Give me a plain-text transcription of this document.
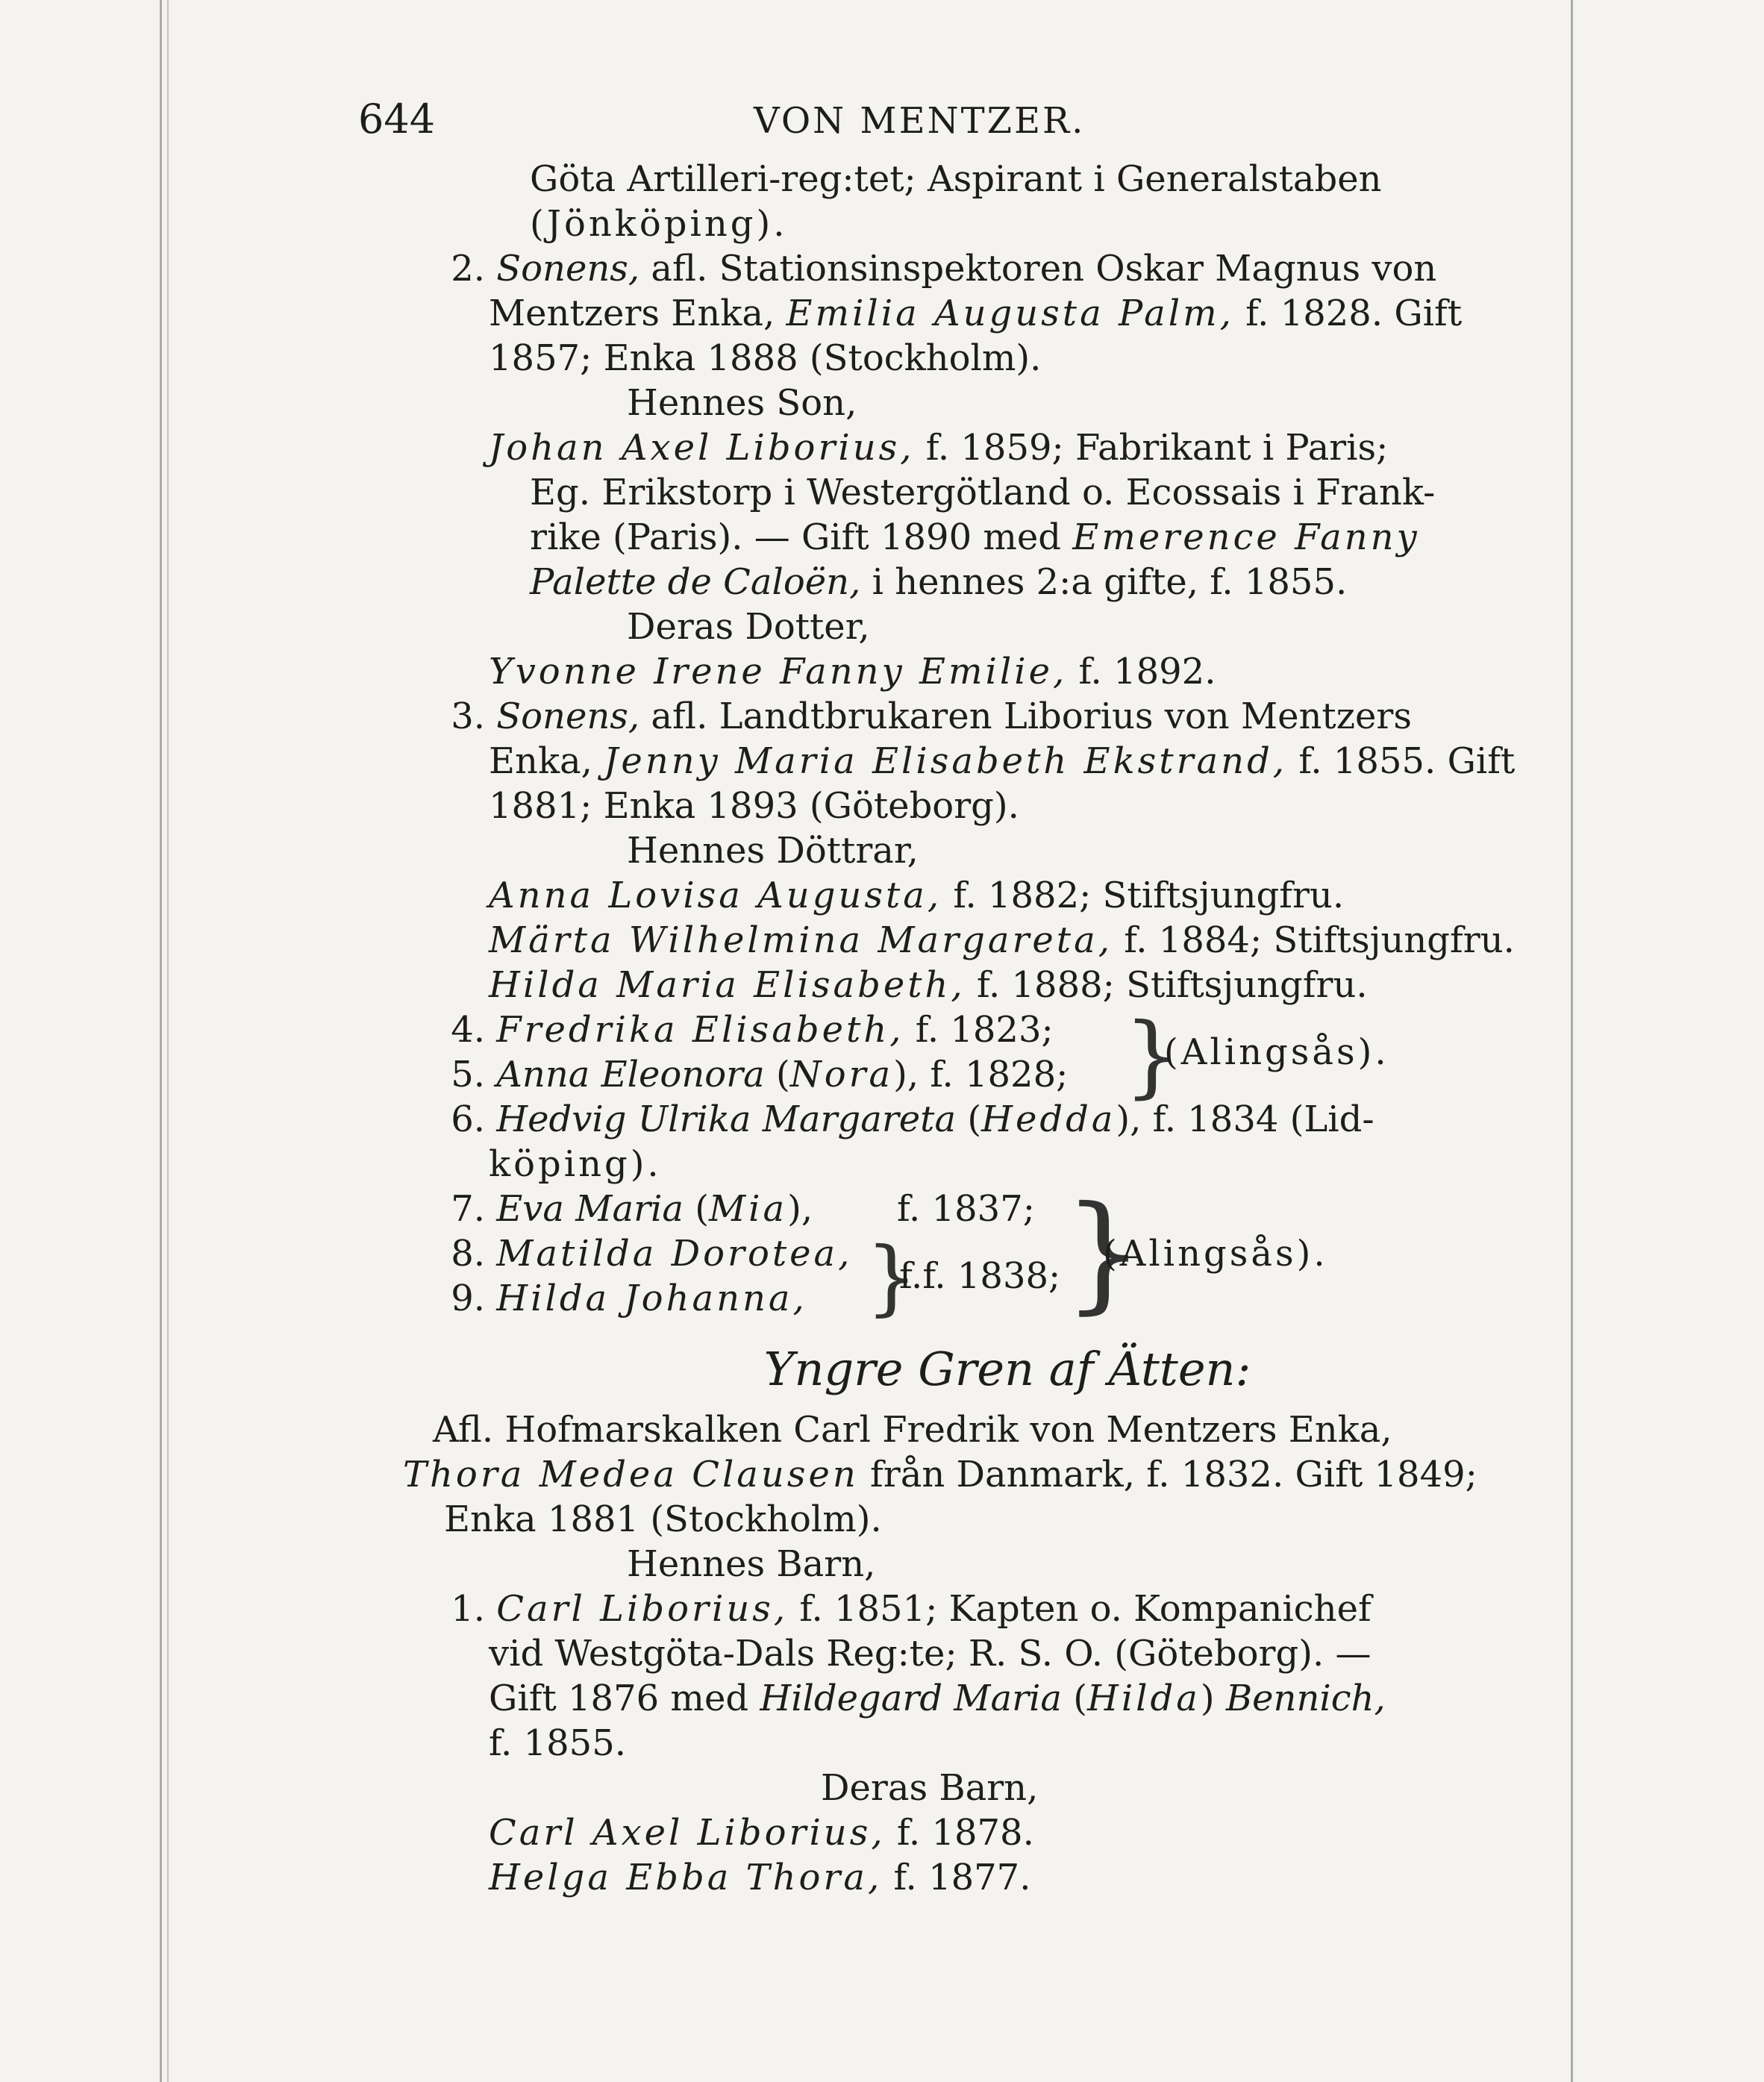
644	VON MENTZER.
Göta Artilleri-reg:tet; Aspirant i Generalstaben
(Jönköping).
2. Sonens, afl. Stationsinspektoren Oskar Magnus von
Mentzers Enka, Emilia Augusta Palm, f. 1828. Gift
1857; Enka 1888 (Stockholm).
Hennes Son,
Johan Axel Liborius, f. 1859; Fabrikant i Paris;
Eg. Erikstorp i Westergötland o. Ecossais i Frank-
rike (Paris). — Gift 1890 med Emerence Fanny
Palette de Caloën, i hennes 2:a gifte, f. 1855.
Deras Dotter,
Yvonne Irene Fanny Emilie, f. 1892.
3. Sonens, afl. Landtbrukaren Liborius von Mentzers
Enka, Jenny Maria Elisabeth Ekstrand, f. 1855. Gift
1881; Enka 1893 (Göteborg).
Hennes Döttrar,
Anna Lovisa Augusta, f. 1882; Stiftsjungfru.
Märta Wilhelmina Margareta, f. 1884; Stiftsjungfru.
Hilda Maria Elisabeth, f. 1888; Stiftsjungfru.
4. Fredrika Elisabeth, f. 1823; }
(Alingsås).
5. Anna Eleonora (Nora), f. 1828;
6. Hedvig Ulrika Margareta (Hedda), f. 1834 (Lid-
köping).
7. Eva Maria (Mia), f. 1837; }
(Alingsås).
8. Matilda Dorotea, }
f.f. 1838;
9. Hilda Johanna,
Yngre Gren af Ätten:
Afl. Hofmarskalken Carl Fredrik von Mentzers Enka,
Thora Medea Clausen från Danmark, f. 1832. Gift 1849;
Enka 1881 (Stockholm).
Hennes Barn,
1. Carl Liborius, f. 1851; Kapten o. Kompanichef
vid Westgöta-Dals Reg:te; R. S. O. (Göteborg). —
Gift 1876 med Hildegard Maria (Hilda) Bennich,
f. 1855.
Deras Barn,
Carl Axel Liborius, f. 1878.
Helga Ebba Thora, f. 1877.
